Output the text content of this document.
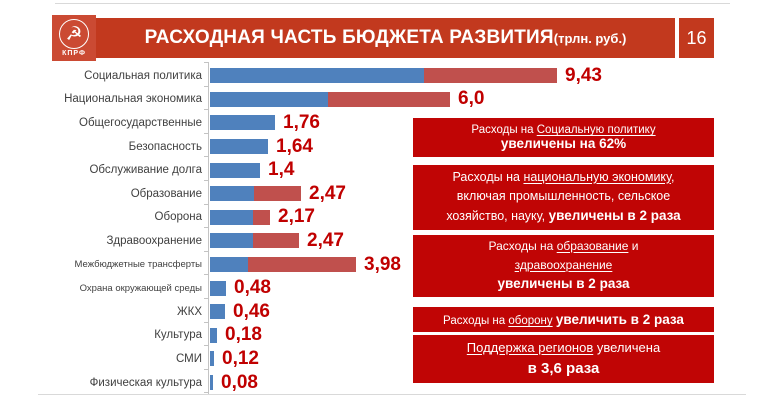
☭
КПРФ
РАСХОДНАЯ ЧАСТЬ БЮДЖЕТА РАЗВИТИЯ (трлн. руб.)	16
Социальная политика	9,43
Национальная экономика	6,0
Общегосударственные	1,76
Безопасность	1,64
Обслуживание долга	1,4
Образование	2,47
Оборона	2,17
Здравоохранение	2,47
Межбюджетные трансферты	3,98
Охрана окружающей среды 0,48
ЖКХ 0,46
Культура 0,18
СМИ 0,12
Физическая культура 0,08
Расходы на Социальную политику
увеличены на 62%
Расходы на национальную экономику,
включая промышленность, сельское
хозяйство, науку, увеличены в 2 раза
Расходы на образование и
здравоохранение
увеличены в 2 раза
Расходы на оборону увеличить в 2 раза
Поддержка регионов увеличена
в 3,6 раза
